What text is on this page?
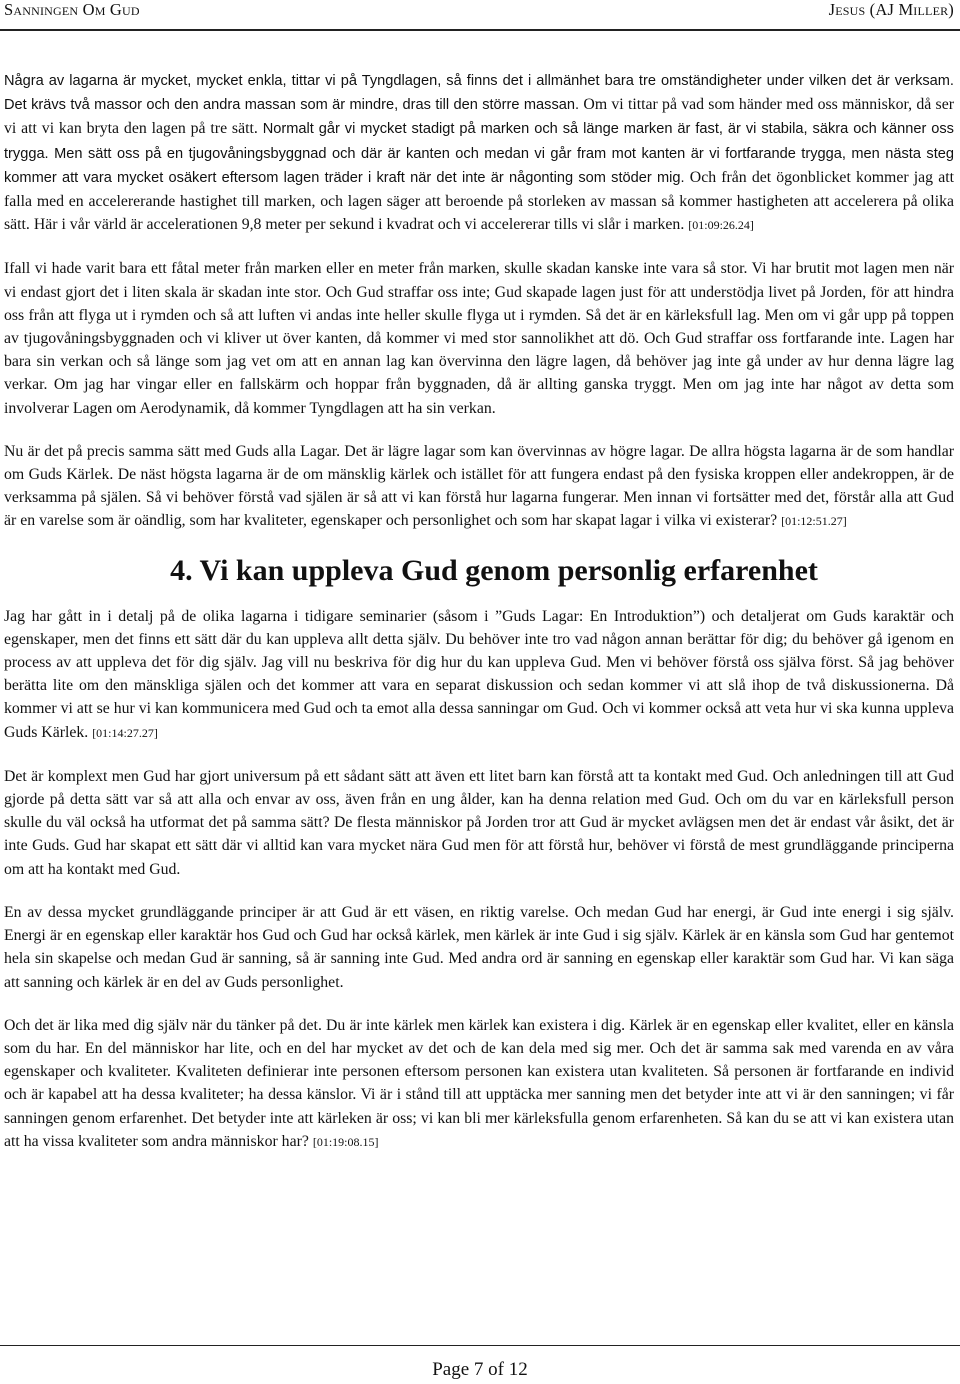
Sanningen Om Gud	Jesus (AJ Miller)

Några av lagarna är mycket, mycket enkla, tittar vi på Tyngdlagen, så finns det i allmänhet bara tre omständigheter under vilken det är verksam. Det krävs två massor och den andra massan som är mindre, dras till den större massan. Om vi tittar på vad som händer med oss människor, då ser vi att vi kan bryta den lagen på tre sätt. Normalt går vi mycket stadigt på marken och så länge marken är fast, är vi stabila, säkra och känner oss trygga. Men sätt oss på en tjugovåningsbyggnad och där är kanten och medan vi går fram mot kanten är vi fortfarande trygga, men nästa steg kommer att vara mycket osäkert eftersom lagen träder i kraft när det inte är någonting som stöder mig. Och från det ögonblicket kommer jag att falla med en accelererande hastighet till marken, och lagen säger att beroende på storleken av massan så kommer hastigheten att accelerera på olika sätt. Här i vår värld är accelerationen 9,8 meter per sekund i kvadrat och vi accelererar tills vi slår i marken. [01:09:26.24]

Ifall vi hade varit bara ett fåtal meter från marken eller en meter från marken, skulle skadan kanske inte vara så stor. Vi har brutit mot lagen men när vi endast gjort det i liten skala är skadan inte stor. Och Gud straffar oss inte; Gud skapade lagen just för att understödja livet på Jorden, för att hindra oss från att flyga ut i rymden och så att luften vi andas inte heller skulle flyga ut i rymden. Så det är en kärleksfull lag. Men om vi går upp på toppen av tjugovåningsbyggnaden och vi kliver ut över kanten, då kommer vi med stor sannolikhet att dö. Och Gud straffar oss fortfarande inte. Lagen har bara sin verkan och så länge som jag vet om att en annan lag kan övervinna den lägre lagen, då behöver jag inte gå under av hur denna lägre lag verkar. Om jag har vingar eller en fallskärm och hoppar från byggnaden, då är allting ganska tryggt. Men om jag inte har något av detta som involverar Lagen om Aerodynamik, då kommer Tyngdlagen att ha sin verkan.

Nu är det på precis samma sätt med Guds alla Lagar. Det är lägre lagar som kan övervinnas av högre lagar. De allra högsta lagarna är de som handlar om Guds Kärlek. De näst högsta lagarna är de om mänsklig kärlek och istället för att fungera endast på den fysiska kroppen eller andekroppen, är de verksamma på själen. Så vi behöver förstå vad själen är så att vi kan förstå hur lagarna fungerar. Men innan vi fortsätter med det, förstår alla att Gud är en varelse som är oändlig, som har kvaliteter, egenskaper och personlighet och som har skapat lagar i vilka vi existerar? [01:12:51.27]

4. Vi kan uppleva Gud genom personlig erfarenhet

Jag har gått in i detalj på de olika lagarna i tidigare seminarier (såsom i ”Guds Lagar: En Introduktion”) och detaljerat om Guds karaktär och egenskaper, men det finns ett sätt där du kan uppleva allt detta själv. Du behöver inte tro vad någon annan berättar för dig; du behöver gå igenom en process av att uppleva det för dig själv. Jag vill nu beskriva för dig hur du kan uppleva Gud. Men vi behöver förstå oss själva först. Så jag behöver berätta lite om den mänskliga själen och det kommer att vara en separat diskussion och sedan kommer vi att slå ihop de två diskussionerna. Då kommer vi att se hur vi kan kommunicera med Gud och ta emot alla dessa sanningar om Gud. Och vi kommer också att veta hur vi ska kunna uppleva Guds Kärlek. [01:14:27.27]

Det är komplext men Gud har gjort universum på ett sådant sätt att även ett litet barn kan förstå att ta kontakt med Gud. Och anledningen till att Gud gjorde på detta sätt var så att alla och envar av oss, även från en ung ålder, kan ha denna relation med Gud. Och om du var en kärleksfull person skulle du väl också ha utformat det på samma sätt? De flesta människor på Jorden tror att Gud är mycket avlägsen men det är endast vår åsikt, det är inte Guds. Gud har skapat ett sätt där vi alltid kan vara mycket nära Gud men för att förstå hur, behöver vi förstå de mest grundläggande principerna om att ha kontakt med Gud.

En av dessa mycket grundläggande principer är att Gud är ett väsen, en riktig varelse. Och medan Gud har energi, är Gud inte energi i sig själv. Energi är en egenskap eller karaktär hos Gud och Gud har också kärlek, men kärlek är inte Gud i sig själv. Kärlek är en känsla som Gud har gentemot hela sin skapelse och medan Gud är sanning, så är sanning inte Gud. Med andra ord är sanning en egenskap eller karaktär som Gud har. Vi kan säga att sanning och kärlek är en del av Guds personlighet.

Och det är lika med dig själv när du tänker på det. Du är inte kärlek men kärlek kan existera i dig. Kärlek är en egenskap eller kvalitet, eller en känsla som du har. En del människor har lite, och en del har mycket av det och de kan dela med sig mer. Och det är samma sak med varenda en av våra egenskaper och kvaliteter. Kvaliteten definierar inte personen eftersom personen kan existera utan kvaliteten. Så personen är fortfarande en individ och är kapabel att ha dessa kvaliteter; ha dessa känslor. Vi är i stånd till att upptäcka mer sanning men det betyder inte att vi är den sanningen; vi får sanningen genom erfarenhet. Det betyder inte att kärleken är oss; vi kan bli mer kärleksfulla genom erfarenheten. Så kan du se att vi kan existera utan att ha vissa kvaliteter som andra människor har? [01:19:08.15]

Page 7 of 12
